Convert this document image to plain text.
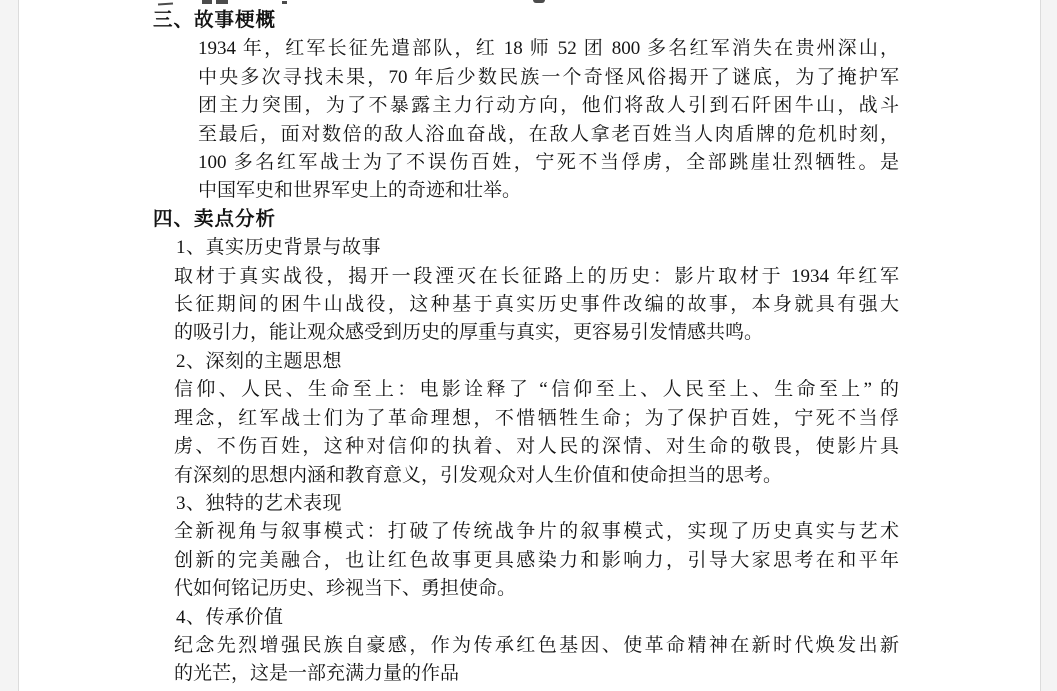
三、故事梗概
1934 年，红军长征先遣部队，红 18 师 52 团 800 多名红军消失在贵州深山，
中央多次寻找未果，70 年后少数民族一个奇怪风俗揭开了谜底，为了掩护军
团主力突围，为了不暴露主力行动方向，他们将敌人引到石阡困牛山，战斗
至最后，面对数倍的敌人浴血奋战，在敌人拿老百姓当人肉盾牌的危机时刻，
100 多名红军战士为了不误伤百姓，宁死不当俘虏，全部跳崖壮烈牺牲。是
中国军史和世界军史上的奇迹和壮举。
四、卖点分析
1、真实历史背景与故事
取材于真实战役，揭开一段湮灭在长征路上的历史：影片取材于 1934 年红军
长征期间的困牛山战役，这种基于真实历史事件改编的故事，本身就具有强大
的吸引力，能让观众感受到历史的厚重与真实，更容易引发情感共鸣。
2、深刻的主题思想
信仰、人民、生命至上：电影诠释了 “信仰至上、人民至上、生命至上” 的
理念，红军战士们为了革命理想，不惜牺牲生命；为了保护百姓，宁死不当俘
虏、不伤百姓，这种对信仰的执着、对人民的深情、对生命的敬畏，使影片具
有深刻的思想内涵和教育意义，引发观众对人生价值和使命担当的思考。
3、独特的艺术表现
全新视角与叙事模式：打破了传统战争片的叙事模式，实现了历史真实与艺术
创新的完美融合，也让红色故事更具感染力和影响力，引导大家思考在和平年
代如何铭记历史、珍视当下、勇担使命。
4、传承价值
纪念先烈增强民族自豪感，作为传承红色基因、使革命精神在新时代焕发出新
的光芒，这是一部充满力量的作品
